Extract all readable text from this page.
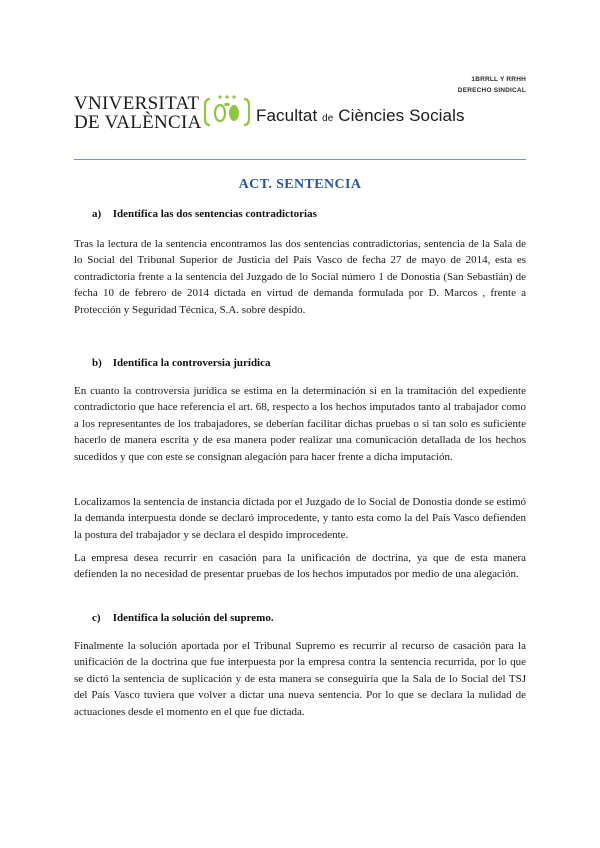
1BRRLL Y RRHH
DERECHO SINDICAL
VNIVERSITAT
DE VALÈNCIA	Facultat de Ciències Socials
ACT. SENTENCIA
a) Identifica las dos sentencias contradictorias

Tras la lectura de la sentencia encontramos las dos sentencias contradictorias, sentencia de la Sala de lo Social del Tribunal Superior de Justicia del País Vasco de fecha 27 de mayo de 2014, esta es contradictoria frente a la sentencia del Juzgado de lo Social número 1 de Donostia (San Sebastián) de fecha 10 de febrero de 2014 dictada en virtud de demanda formulada por D. Marcos , frente a Protección y Seguridad Técnica, S.A. sobre despido.

b) Identifica la controversia jurídica

En cuanto la controversia jurídica se estima en la determinación si en la tramitación del expediente contradictorio que hace referencia el art. 68, respecto a los hechos imputados tanto al trabajador como a los representantes de los trabajadores, se deberían facilitar dichas pruebas o si tan solo es suficiente hacerlo de manera escrita y de esa manera poder realizar una comunicación detallada de los hechos sucedidos y que con este se consignan alegación para hacer frente a dicha imputación.

Localizamos la sentencia de instancia dictada por el Juzgado de lo Social de Donostia donde se estimó la demanda interpuesta donde se declaró improcedente, y tanto esta como la del País Vasco defienden la postura del trabajador y se declara el despido improcedente.

La empresa desea recurrir en casación para la unificación de doctrina, ya que de esta manera defienden la no necesidad de presentar pruebas de los hechos imputados por medio de una alegación.

c) Identifica la solución del supremo.

Finalmente la solución aportada por el Tribunal Supremo es recurrir al recurso de casación para la unificación de la doctrina que fue interpuesta por la empresa contra la sentencia recurrida, por lo que se dictó la sentencia de suplicación y de esta manera se conseguiría que la Sala de lo Social del TSJ del País Vasco tuviera que volver a dictar una nueva sentencia. Por lo que se declara la nulidad de actuaciones desde el momento en el que fue dictada.
